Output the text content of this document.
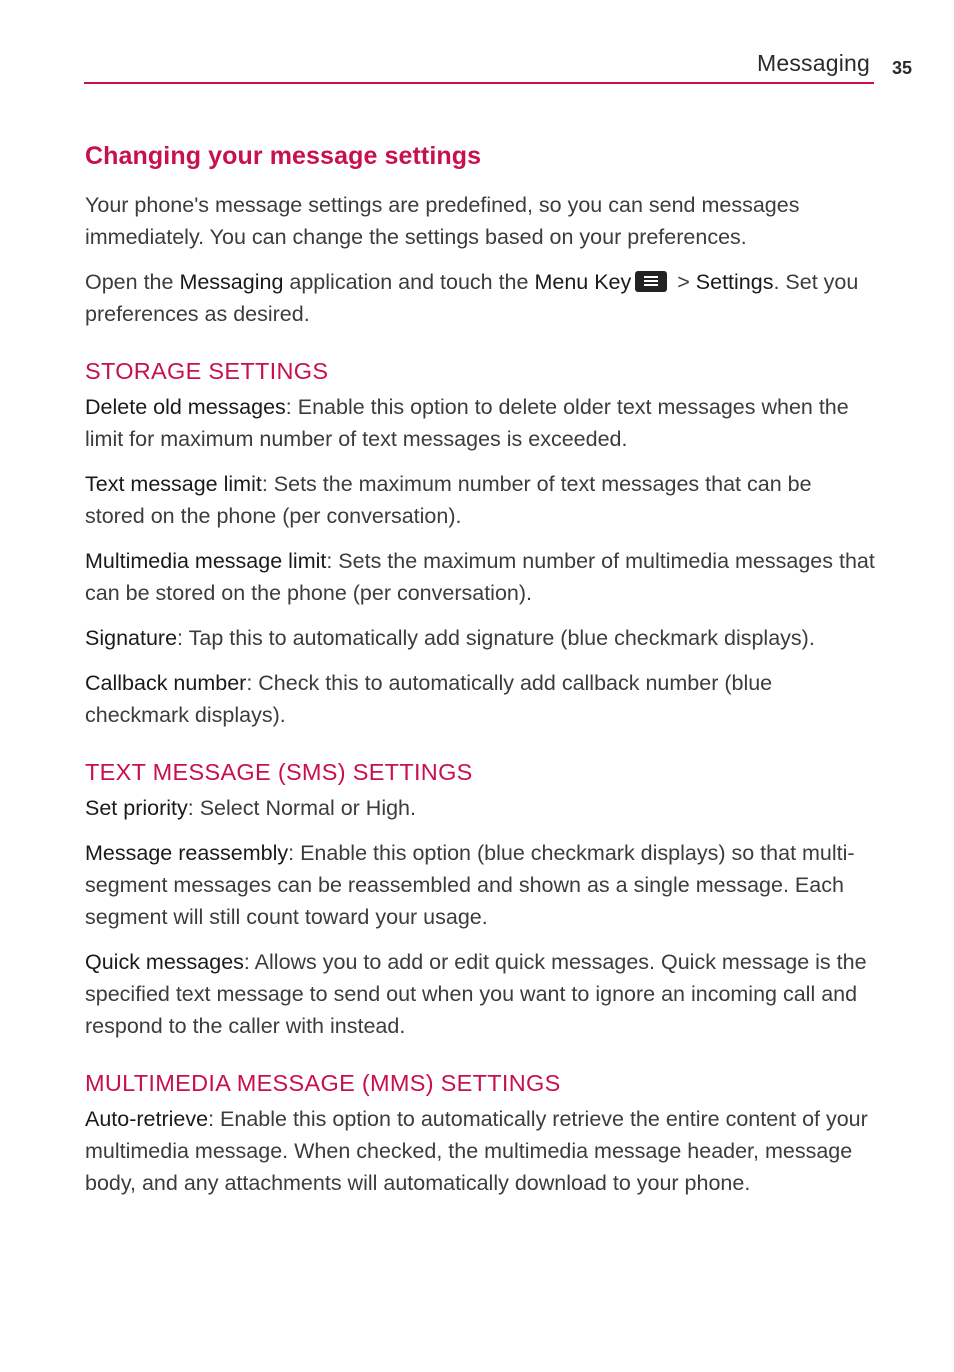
Messaging 35
Changing your message settings

Your phone's message settings are predefined, so you can send messages immediately. You can change the settings based on your preferences.

Open the Messaging application and touch the Menu Key
> Settings. Set you preferences as desired.

STORAGE SETTINGS

Delete old messages: Enable this option to delete older text messages when the limit for maximum number of text messages is exceeded.

Text message limit: Sets the maximum number of text messages that can be stored on the phone (per conversation).

Multimedia message limit: Sets the maximum number of multimedia messages that can be stored on the phone (per conversation).

Signature: Tap this to automatically add signature (blue checkmark displays).

Callback number: Check this to automatically add callback number (blue checkmark displays).

TEXT MESSAGE (SMS) SETTINGS

Set priority: Select Normal or High.

Message reassembly: Enable this option (blue checkmark displays) so that multi-segment messages can be reassembled and shown as a single message. Each segment will still count toward your usage.

Quick messages: Allows you to add or edit quick messages. Quick message is the specified text message to send out when you want to ignore an incoming call and respond to the caller with instead.

MULTIMEDIA MESSAGE (MMS) SETTINGS

Auto-retrieve: Enable this option to automatically retrieve the entire content of your multimedia message. When checked, the multimedia message header, message body, and any attachments will automatically download to your phone.
